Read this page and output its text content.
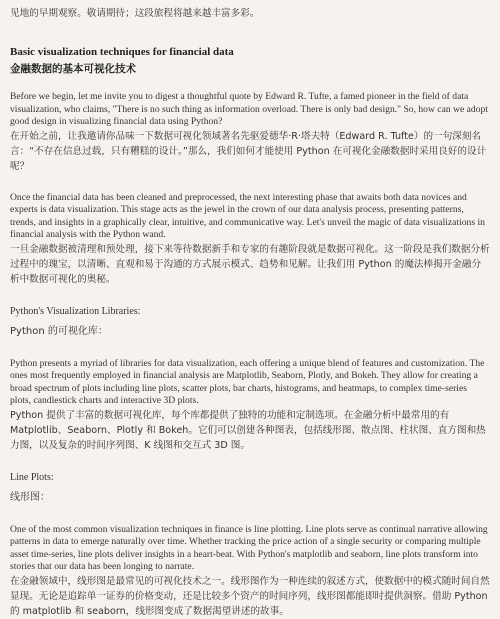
见地的早期观察。敬请期待；这段旅程将越来越丰富多彩。

Basic visualization techniques for financial data
金融数据的基本可视化技术

Before we begin, let me invite you to digest a thoughtful quote by Edward R. Tufte, a famed pioneer in the field of data visualization, who claims, "There is no such thing as information overload. There is only bad design." So, how can we adopt good design in visualizing financial data using Python?

在开始之前，让我邀请你品味一下数据可视化领域著名先驱爱德华·R·塔夫特（Edward R. Tufte）的一句深刻名言：“不存在信息过载，只有糟糕的设计。”那么，我们如何才能使用 Python 在可视化金融数据时采用良好的设计呢？

Once the financial data has been cleaned and preprocessed, the next interesting phase that awaits both data novices and experts is data visualization. This stage acts as the jewel in the crown of our data analysis process, presenting patterns, trends, and insights in a graphically clear, intuitive, and communicative way. Let's unveil the magic of data visualizations in financial analysis with the Python wand.

一旦金融数据被清理和预处理，接下来等待数据新手和专家的有趣阶段就是数据可视化。这一阶段是我们数据分析过程中的瑰宝，以清晰、直观和易于沟通的方式展示模式、趋势和见解。让我们用 Python 的魔法棒揭开金融分析中数据可视化的奥秘。

Python's Visualization Libraries:

Python 的可视化库：

Python presents a myriad of libraries for data visualization, each offering a unique blend of features and customization. The ones most frequently employed in financial analysis are Matplotlib, Seaborn, Plotly, and Bokeh. They allow for creating a broad spectrum of plots including line plots, scatter plots, bar charts, histograms, and heatmaps, to complex time-series plots, candlestick charts and interactive 3D plots.

Python 提供了丰富的数据可视化库，每个库都提供了独特的功能和定制选项。在金融分析中最常用的有 Matplotlib、Seaborn、Plotly 和 Bokeh。它们可以创建各种图表，包括线形图、散点图、柱状图、直方图和热力图，以及复杂的时间序列图、K 线图和交互式 3D 图。

Line Plots:

线形图：

One of the most common visualization techniques in finance is line plotting. Line plots serve as continual narrative allowing patterns in data to emerge naturally over time. Whether tracking the price action of a single security or comparing multiple asset time-series, line plots deliver insights in a heart-beat. With Python's matplotlib and seaborn, line plots transform into stories that our data has been longing to narrate.

在金融领域中，线形图是最常见的可视化技术之一。线形图作为一种连续的叙述方式，使数据中的模式随时间自然显现。无论是追踪单一证券的价格变动，还是比较多个资产的时间序列，线形图都能即时提供洞察。借助 Python 的 matplotlib 和 seaborn，线形图变成了数据渴望讲述的故事。
